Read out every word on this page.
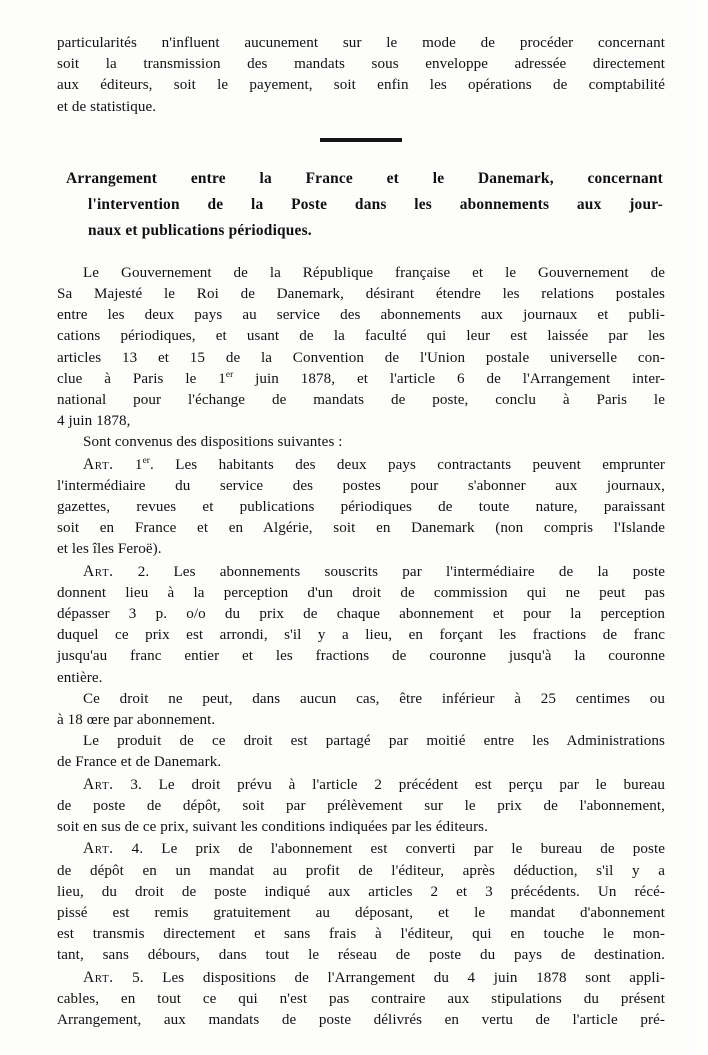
particularités n'influent aucunement sur le mode de procéder concernant
soit la transmission des mandats sous enveloppe adressée directement
aux éditeurs, soit le payement, soit enfin les opérations de comptabilité
et de statistique.
Arrangement entre la France et le Danemark, concernant
l'intervention de la Poste dans les abonnements aux jour-
naux et publications périodiques.
Le Gouvernement de la République française et le Gouvernement de
Sa Majesté le Roi de Danemark, désirant étendre les relations postales
entre les deux pays au service des abonnements aux journaux et publi-
cations périodiques, et usant de la faculté qui leur est laissée par les
articles 13 et 15 de la Convention de l'Union postale universelle con-
clue à Paris le 1er juin 1878, et l'article 6 de l'Arrangement inter-
national pour l'échange de mandats de poste, conclu à Paris le
4 juin 1878,
Sont convenus des dispositions suivantes :
Art. 1er. Les habitants des deux pays contractants peuvent emprunter
l'intermédiaire du service des postes pour s'abonner aux journaux,
gazettes, revues et publications périodiques de toute nature, paraissant
soit en France et en Algérie, soit en Danemark (non compris l'Islande
et les îles Feroë).
Art. 2. Les abonnements souscrits par l'intermédiaire de la poste
donnent lieu à la perception d'un droit de commission qui ne peut pas
dépasser 3 p. o/o du prix de chaque abonnement et pour la perception
duquel ce prix est arrondi, s'il y a lieu, en forçant les fractions de franc
jusqu'au franc entier et les fractions de couronne jusqu'à la couronne
entière.
Ce droit ne peut, dans aucun cas, être inférieur à 25 centimes ou
à 18 œre par abonnement.
Le produit de ce droit est partagé par moitié entre les Administrations
de France et de Danemark.
Art. 3. Le droit prévu à l'article 2 précédent est perçu par le bureau
de poste de dépôt, soit par prélèvement sur le prix de l'abonnement,
soit en sus de ce prix, suivant les conditions indiquées par les éditeurs.
Art. 4. Le prix de l'abonnement est converti par le bureau de poste
de dépôt en un mandat au profit de l'éditeur, après déduction, s'il y a
lieu, du droit de poste indiqué aux articles 2 et 3 précédents. Un récé-
pissé est remis gratuitement au déposant, et le mandat d'abonnement
est transmis directement et sans frais à l'éditeur, qui en touche le mon-
tant, sans débours, dans tout le réseau de poste du pays de destination.
Art. 5. Les dispositions de l'Arrangement du 4 juin 1878 sont appli-
cables, en tout ce qui n'est pas contraire aux stipulations du présent
Arrangement, aux mandats de poste délivrés en vertu de l'article pré-
